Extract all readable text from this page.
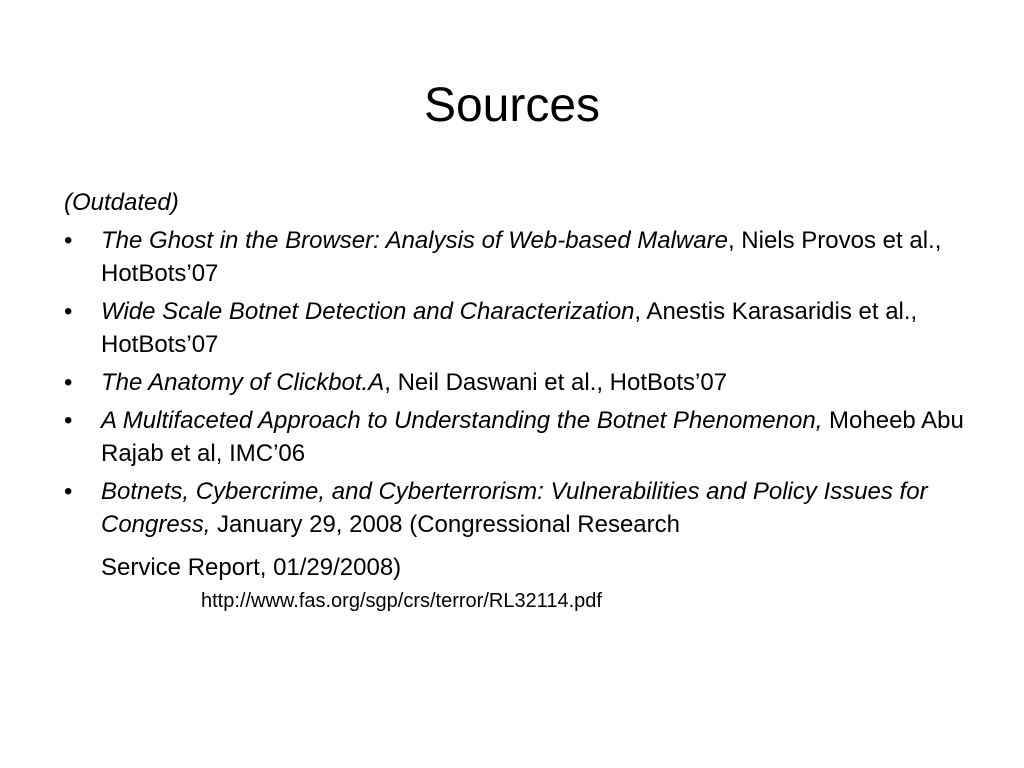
Sources
(Outdated)
• The Ghost in the Browser: Analysis of Web-based Malware, Niels Provos et al., HotBots’07
• Wide Scale Botnet Detection and Characterization, Anestis Karasaridis et al., HotBots’07
• The Anatomy of Clickbot.A, Neil Daswani et al., HotBots’07
• A Multifaceted Approach to Understanding the Botnet Phenomenon, Moheeb Abu Rajab et al, IMC’06
• Botnets, Cybercrime, and Cyberterrorism: Vulnerabilities and Policy Issues for Congress, January 29, 2008 (Congressional Research
Service Report, 01/29/2008)
http://www.fas.org/sgp/crs/terror/RL32114.pdf
